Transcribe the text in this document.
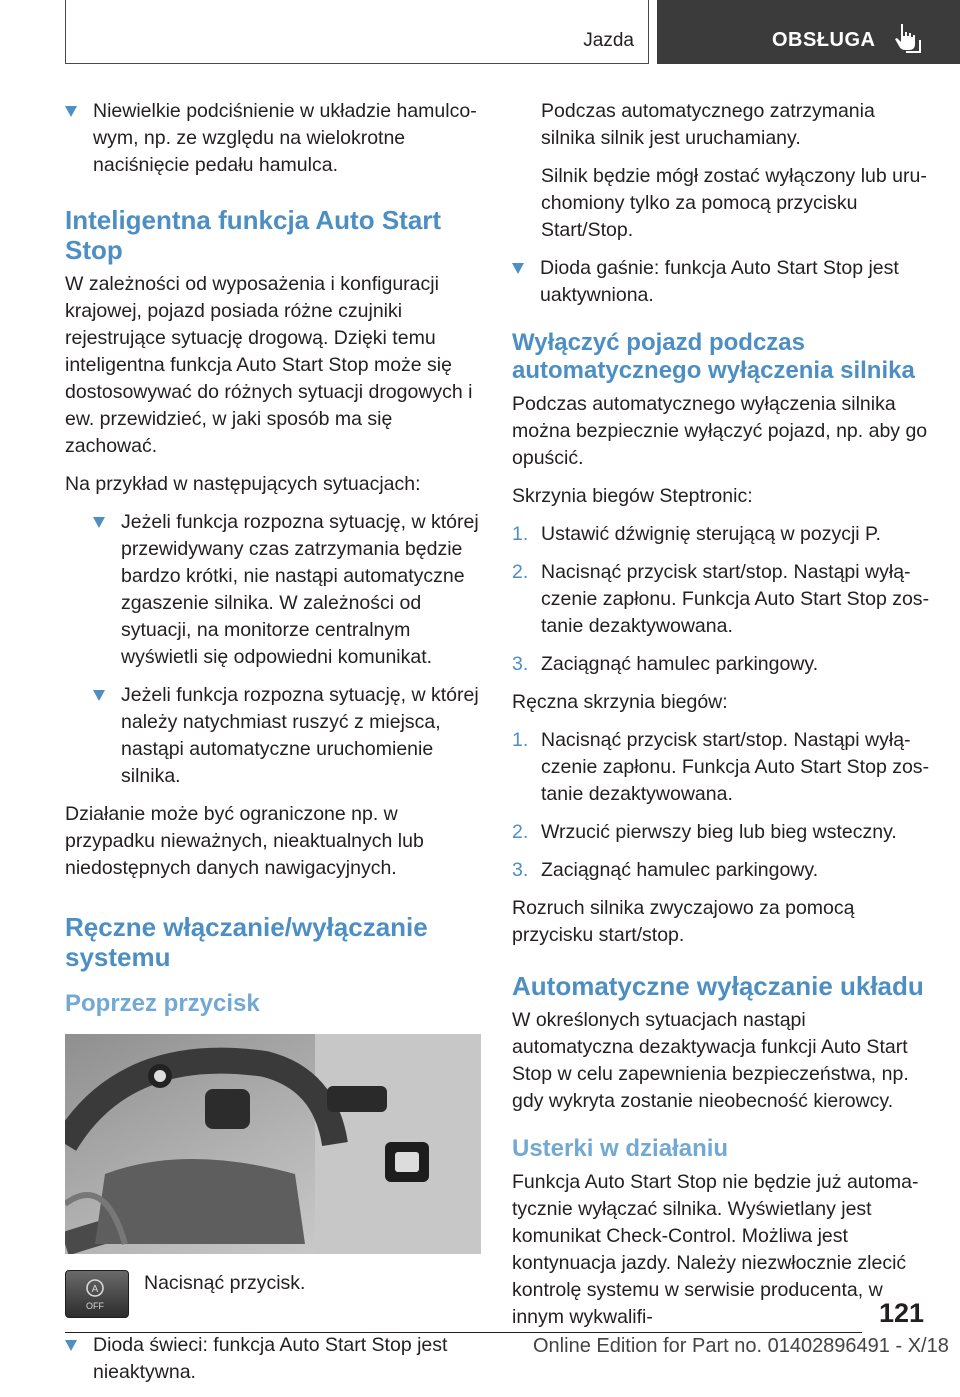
Jazda	OBSŁUGA
Niewielkie podciśnienie w układzie hamulcowym, np. ze względu na wielokrotne naciśnięcie pedału hamulca.
Inteligentna funkcja Auto Start Stop

W zależności od wyposażenia i konfiguracji krajowej, pojazd posiada różne czujniki rejestrujące sytuację drogową. Dzięki temu inteligentna funkcja Auto Start Stop może się dostosowywać do różnych sytuacji drogowych i ew. przewidzieć, w jaki sposób ma się zachować.

Na przykład w następujących sytuacjach:

Jeżeli funkcja rozpozna sytuację, w której przewidywany czas zatrzymania będzie bardzo krótki, nie nastąpi automatyczne zgaszenie silnika. W zależności od sytuacji, na monitorze centralnym wyświetli się odpowiedni komunikat.
Jeżeli funkcja rozpozna sytuację, w której należy natychmiast ruszyć z miejsca, nastąpi automatyczne uruchomienie silnika.

Działanie może być ograniczone np. w przypadku nieważnych, nieaktualnych lub niedostępnych danych nawigacyjnych.

Ręczne włączanie/wyłączanie systemu
Poprzez przycisk
A
OFF
Nacisnąć przycisk.
Dioda świeci: funkcja Auto Start Stop jest nieaktywna.

Podczas automatycznego zatrzymania silnika silnik jest uruchamiany.

Silnik będzie mógł zostać wyłączony lub uruchomiony tylko za pomocą przycisku Start/Stop.

Dioda gaśnie: funkcja Auto Start Stop jest uaktywniona.
Wyłączyć pojazd podczas automatycznego wyłączenia silnika

Podczas automatycznego wyłączenia silnika można bezpiecznie wyłączyć pojazd, np. aby go opuścić.

Skrzynia biegów Steptronic:

1. Ustawić dźwignię sterującą w pozycji P.
2. Nacisnąć przycisk start/stop. Nastąpi wyłączenie zapłonu. Funkcja Auto Start Stop zostanie dezaktywowana.
3. Zaciągnąć hamulec parkingowy.

Ręczna skrzynia biegów:

1. Nacisnąć przycisk start/stop. Nastąpi wyłączenie zapłonu. Funkcja Auto Start Stop zostanie dezaktywowana.
2. Wrzucić pierwszy bieg lub bieg wsteczny.
3. Zaciągnąć hamulec parkingowy.

Rozruch silnika zwyczajowo za pomocą przycisku start/stop.

Automatyczne wyłączanie układu

W określonych sytuacjach nastąpi automatyczna dezaktywacja funkcji Auto Start Stop w celu zapewnienia bezpieczeństwa, np. gdy wykryta zostanie nieobecność kierowcy.

Usterki w działaniu

Funkcja Auto Start Stop nie będzie już automatycznie wyłączać silnika. Wyświetlany jest komunikat Check-Control. Możliwa jest kontynuacja jazdy. Należy niezwłocznie zlecić kontrolę systemu w serwisie producenta, w innym wykwalifi-	121
Online Edition for Part no. 01402896491 - X/18
